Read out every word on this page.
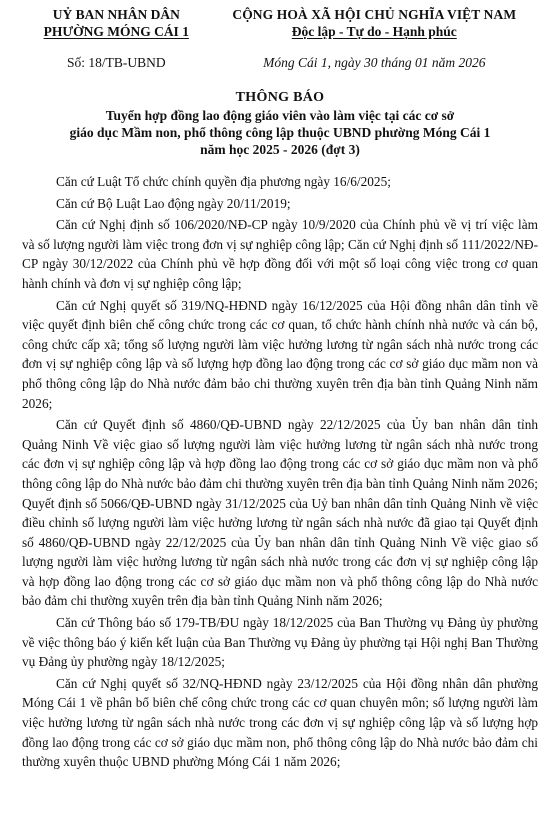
UỶ BAN NHÂN DÂN
PHƯỜNG MÓNG CÁI 1
CỘNG HOÀ XÃ HỘI CHỦ NGHĨA VIỆT NAM
Độc lập - Tự do - Hạnh phúc
Số: 18/TB-UBND	Móng Cái 1, ngày 30 tháng 01 năm 2026
THÔNG BÁO
Tuyển hợp đồng lao động giáo viên vào làm việc tại các cơ sở
giáo dục Mầm non, phổ thông công lập thuộc UBND phường Móng Cái 1
năm học 2025 - 2026 (đợt 3)

Căn cứ Luật Tổ chức chính quyền địa phương ngày 16/6/2025;

Căn cứ Bộ Luật Lao động ngày 20/11/2019;

Căn cứ Nghị định số 106/2020/NĐ-CP ngày 10/9/2020 của Chính phủ về vị trí việc làm và số lượng người làm việc trong đơn vị sự nghiệp công lập; Căn cứ Nghị định số 111/2022/NĐ-CP ngày 30/12/2022 của Chính phủ về hợp đồng đối với một số loại công việc trong cơ quan hành chính và đơn vị sự nghiệp công lập;

Căn cứ Nghị quyết số 319/NQ-HĐND ngày 16/12/2025 của Hội đồng nhân dân tỉnh về việc quyết định biên chế công chức trong các cơ quan, tổ chức hành chính nhà nước và cán bộ, công chức cấp xã; tổng số lượng người làm việc hưởng lương từ ngân sách nhà nước trong các đơn vị sự nghiệp công lập và số lượng hợp đồng lao động trong các cơ sở giáo dục mầm non và phổ thông công lập do Nhà nước đảm bảo chi thường xuyên trên địa bàn tỉnh Quảng Ninh năm 2026;

Căn cứ Quyết định số 4860/QĐ-UBND ngày 22/12/2025 của Ủy ban nhân dân tỉnh Quảng Ninh Về việc giao số lượng người làm việc hưởng lương từ ngân sách nhà nước trong các đơn vị sự nghiệp công lập và hợp đồng lao động trong các cơ sở giáo dục mầm non và phổ thông công lập do Nhà nước bảo đảm chi thường xuyên trên địa bàn tỉnh Quảng Ninh năm 2026; Quyết định số 5066/QĐ-UBND ngày 31/12/2025 của Uỷ ban nhân dân tỉnh Quảng Ninh về việc điều chỉnh số lượng người làm việc hưởng lương từ ngân sách nhà nước đã giao tại Quyết định số 4860/QĐ-UBND ngày 22/12/2025 của Ủy ban nhân dân tỉnh Quảng Ninh Về việc giao số lượng người làm việc hưởng lương từ ngân sách nhà nước trong các đơn vị sự nghiệp công lập và hợp đồng lao động trong các cơ sở giáo dục mầm non và phổ thông công lập do Nhà nước bảo đảm chi thường xuyên trên địa bàn tỉnh Quảng Ninh năm 2026;

Căn cứ Thông báo số 179-TB/ĐU ngày 18/12/2025 của Ban Thường vụ Đảng ủy phường về việc thông báo ý kiến kết luận của Ban Thường vụ Đảng ủy phường tại Hội nghị Ban Thường vụ Đảng ủy phường ngày 18/12/2025;

Căn cứ Nghị quyết số 32/NQ-HĐND ngày 23/12/2025 của Hội đồng nhân dân phường Móng Cái 1 về phân bổ biên chế công chức trong các cơ quan chuyên môn; số lượng người làm việc hưởng lương từ ngân sách nhà nước trong các đơn vị sự nghiệp công lập và số lượng hợp đồng lao động trong các cơ sở giáo dục mầm non, phổ thông công lập do Nhà nước bảo đảm chi thường xuyên thuộc UBND phường Móng Cái 1 năm 2026;
